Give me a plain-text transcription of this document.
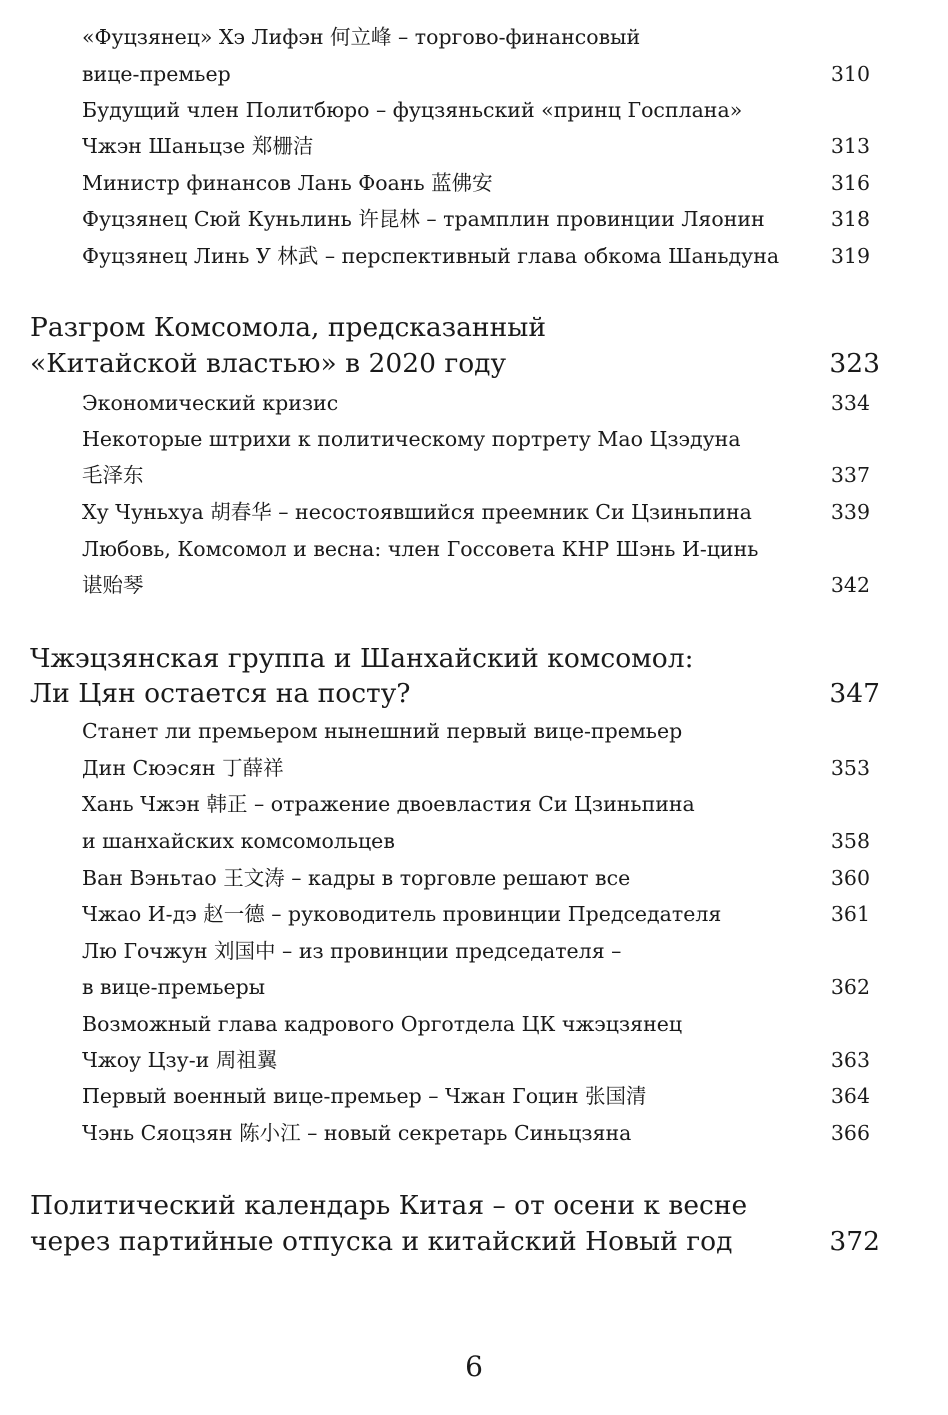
«Фуцзянец» Хэ Лифэн 何立峰 – торгово-финансовый
вице-премьер	310
Будущий член Политбюро – фуцзяньский «принц Госплана»
Чжэн Шаньцзе 郑栅洁	313
Министр финансов Лань Фоань 蓝佛安	316
Фуцзянец Сюй Куньлинь 许昆林 – трамплин провинции Ляонин	318
Фуцзянец Линь У 林武 – перспективный глава обкома Шаньдуна	319
Разгром Комсомола, предсказанный
«Китайской властью» в 2020 году	323
Экономический кризис	334
Некоторые штрихи к политическому портрету Мао Цзэдуна
毛泽东	337
Ху Чуньхуа 胡春华 – несостоявшийся преемник Си Цзиньпина	339
Любовь, Комсомол и весна: член Госсовета КНР Шэнь И-цинь
谌贻琴	342
Чжэцзянская группа и Шанхайский комсомол:
Ли Цян остается на посту?	347
Станет ли премьером нынешний первый вице-премьер
Дин Сюэсян 丁薛祥	353
Хань Чжэн 韩正 – отражение двоевластия Си Цзиньпина
и шанхайских комсомольцев	358
Ван Вэньтао 王文涛 – кадры в торговле решают все	360
Чжао И-дэ 赵一德 – руководитель провинции Председателя	361
Лю Гочжун 刘国中 – из провинции председателя –
в вице-премьеры	362
Возможный глава кадрового Орготдела ЦК чжэцзянец
Чжоу Цзу-и 周祖翼	363
Первый военный вице-премьер – Чжан Гоцин 张国清	364
Чэнь Сяоцзян 陈小江 – новый секретарь Синьцзяна	366
Политический календарь Китая – от осени к весне
через партийные отпуска и китайский Новый год	372
6
